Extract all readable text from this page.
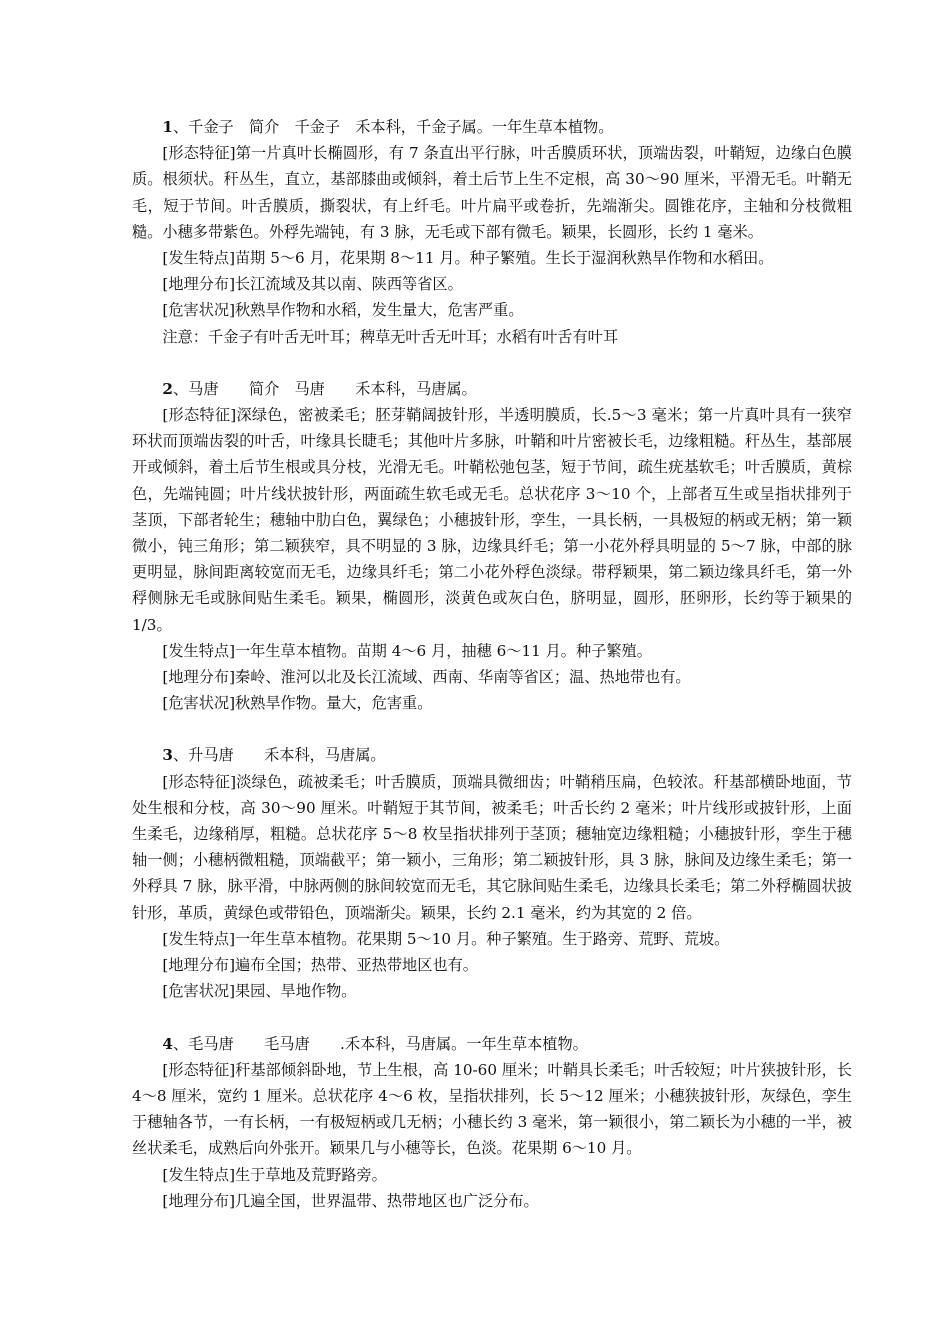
1、千金子 简介 千金子 禾本科，千金子属。一年生草本植物。

[形态特征]第一片真叶长椭圆形，有 7 条直出平行脉，叶舌膜质环状，顶端齿裂，叶鞘短，边缘白色膜质。根须状。秆丛生，直立，基部膝曲或倾斜，着土后节上生不定根，高 30～90 厘米，平滑无毛。叶鞘无毛，短于节间。叶舌膜质，撕裂状，有上纤毛。叶片扁平或卷折，先端渐尖。圆锥花序，主轴和分枝微粗糙。小穗多带紫色。外稃先端钝，有 3 脉，无毛或下部有微毛。颖果，长圆形，长约 1 毫米。

[发生特点]苗期 5～6 月，花果期 8～11 月。种子繁殖。生长于湿润秋熟旱作物和水稻田。

[地理分布]长江流域及其以南、陕西等省区。

[危害状况]秋熟旱作物和水稻，发生量大，危害严重。

注意：千金子有叶舌无叶耳；稗草无叶舌无叶耳；水稻有叶舌有叶耳

2、马唐  简介 马唐  禾本科，马唐属。

[形态特征]深绿色，密被柔毛；胚芽鞘阔披针形，半透明膜质，长.5～3 毫米；第一片真叶具有一狭窄环状而顶端齿裂的叶舌，叶缘具长睫毛；其他叶片多脉，叶鞘和叶片密被长毛，边缘粗糙。秆丛生，基部展开或倾斜，着土后节生根或具分枝，光滑无毛。叶鞘松弛包茎，短于节间，疏生疣基软毛；叶舌膜质，黄棕色，先端钝圆；叶片线状披针形，两面疏生软毛或无毛。总状花序 3～10 个，上部者互生或呈指状排列于茎顶，下部者轮生；穗轴中肋白色，翼绿色；小穗披针形，孪生，一具长柄，一具极短的柄或无柄；第一颖微小，钝三角形；第二颖狭窄，具不明显的 3 脉，边缘具纤毛；第一小花外稃具明显的 5～7 脉，中部的脉更明显，脉间距离较宽而无毛，边缘具纤毛；第二小花外稃色淡绿。带稃颖果，第二颖边缘具纤毛，第一外稃侧脉无毛或脉间贴生柔毛。颖果，椭圆形，淡黄色或灰白色，脐明显，圆形，胚卵形，长约等于颖果的 1/3。

[发生特点]一年生草本植物。苗期 4～6 月，抽穗 6～11 月。种子繁殖。

[地理分布]秦岭、淮河以北及长江流域、西南、华南等省区；温、热地带也有。

[危害状况]秋熟旱作物。量大，危害重。

3、升马唐  禾本科，马唐属。

[形态特征]淡绿色，疏被柔毛；叶舌膜质，顶端具微细齿；叶鞘稍压扁，色较浓。秆基部横卧地面，节处生根和分枝，高 30～90 厘米。叶鞘短于其节间，被柔毛；叶舌长约 2 毫米；叶片线形或披针形，上面生柔毛，边缘稍厚，粗糙。总状花序 5～8 枚呈指状排列于茎顶；穗轴宽边缘粗糙；小穗披针形，孪生于穗轴一侧；小穗柄微粗糙，顶端截平；第一颖小，三角形；第二颖披针形，具 3 脉，脉间及边缘生柔毛；第一外稃具 7 脉，脉平滑，中脉两侧的脉间较宽而无毛，其它脉间贴生柔毛，边缘具长柔毛；第二外稃椭圆状披针形，革质，黄绿色或带铅色，顶端渐尖。颖果，长约 2.1 毫米，约为其宽的 2 倍。

[发生特点]一年生草本植物。花果期 5～10 月。种子繁殖。生于路旁、荒野、荒坡。

[地理分布]遍布全国；热带、亚热带地区也有。

[危害状况]果园、旱地作物。

4、毛马唐  毛马唐  .禾本科，马唐属。一年生草本植物。

[形态特征]秆基部倾斜卧地，节上生根，高 10-60 厘米；叶鞘具长柔毛；叶舌较短；叶片狭披针形，长 4～8 厘米，宽约 1 厘米。总状花序 4～6 枚，呈指状排列，长 5～12 厘米；小穗狭披针形，灰绿色，孪生于穗轴各节，一有长柄，一有极短柄或几无柄；小穗长约 3 毫米，第一颖很小，第二颖长为小穗的一半，被丝状柔毛，成熟后向外张开。颖果几与小穗等长，色淡。花果期 6～10 月。

[发生特点]生于草地及荒野路旁。

[地理分布]几遍全国，世界温带、热带地区也广泛分布。
